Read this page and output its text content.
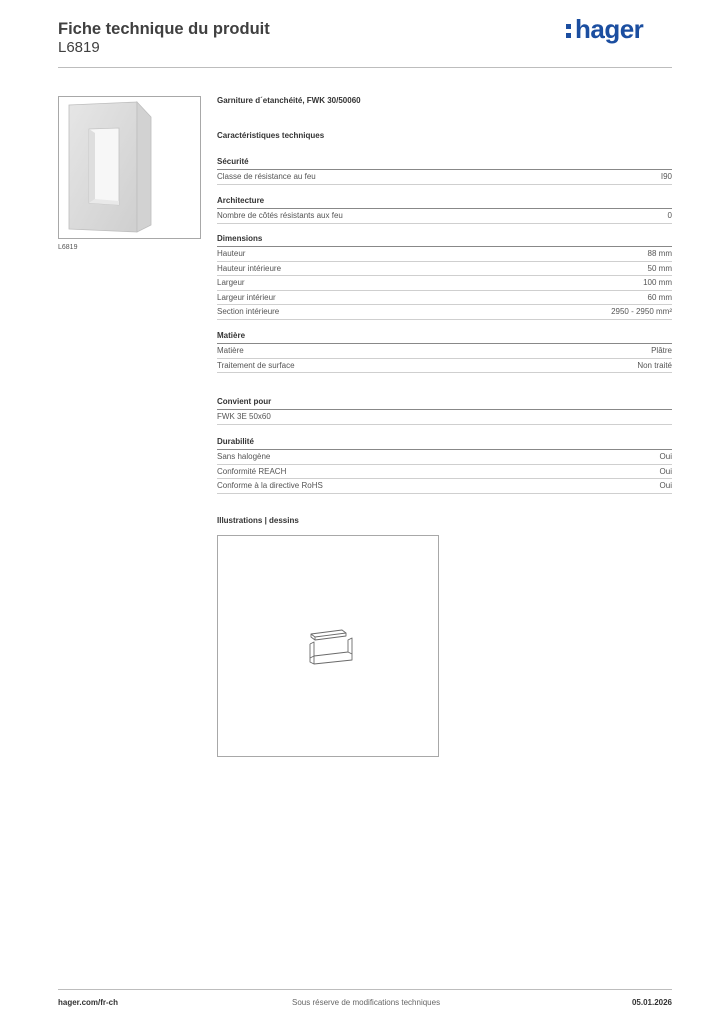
Fiche technique du produit
L6819
hager
L6819
Garniture d´etanchéité, FWK 30/50060
Caractéristiques techniques
Sécurité
Classe de résistance au feu	I90
Architecture
Nombre de côtés résistants aux feu	0
Dimensions
Hauteur	88 mm
Hauteur intérieure	50 mm
Largeur	100 mm
Largeur intérieur	60 mm
Section intérieure	2950 - 2950 mm²
Matière
Matière	Plâtre
Traitement de surface	Non traité
Convient pour
FWK 3E 50x60
Durabilité
Sans halogène	Oui
Conformité REACH	Oui
Conforme à la directive RoHS	Oui
Illustrations | dessins
hager.com/fr-ch	Sous réserve de modifications techniques	05.01.2026
